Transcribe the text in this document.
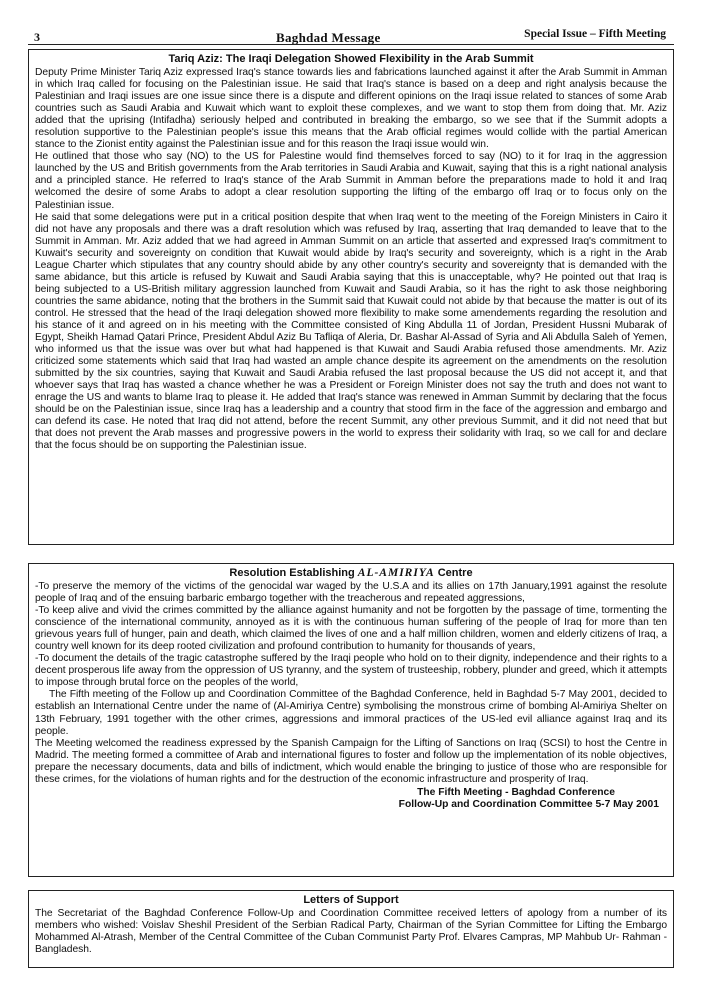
3	Baghdad Message	Special Issue – Fifth Meeting
Tariq Aziz: The Iraqi Delegation Showed Flexibility in the Arab Summit

Deputy Prime Minister Tariq Aziz expressed Iraq's stance towards lies and fabrications launched against it after the Arab Summit in Amman in which Iraq called for focusing on the Palestinian issue. He said that Iraq's stance is based on a deep and right analysis because the Palestinian and Iraqi issues are one issue since there is a dispute and different opinions on the Iraqi issue related to stances of some Arab countries such as Saudi Arabia and Kuwait which want to exploit these complexes, and we want to stop them from doing that. Mr. Aziz added that the uprising (Intifadha) seriously helped and contributed in breaking the embargo, so we see that if the Summit adopts a resolution supportive to the Palestinian people's issue this means that the Arab official regimes would collide with the partial American stance to the Zionist entity against the Palestinian issue and for this reason the Iraqi issue would win.

He outlined that those who say (NO) to the US for Palestine would find themselves forced to say (NO) to it for Iraq in the aggression launched by the US and British governments from the Arab territories in Saudi Arabia and Kuwait, saying that this is a right national analysis and a principled stance. He referred to Iraq's stance of the Arab Summit in Amman before the preparations made to hold it and Iraq welcomed the desire of some Arabs to adopt a clear resolution supporting the lifting of the embargo off Iraq or to focus only on the Palestinian issue.

He said that some delegations were put in a critical position despite that when Iraq went to the meeting of the Foreign Ministers in Cairo it did not have any proposals and there was a draft resolution which was refused by Iraq, asserting that Iraq demanded to leave that to the Summit in Amman. Mr. Aziz added that we had agreed in Amman Summit on an article that asserted and expressed Iraq's commitment to Kuwait's security and sovereignty on condition that Kuwait would abide by Iraq's security and sovereignty, which is a right in the Arab League Charter which stipulates that any country should abide by any other country's security and sovereignty that is demanded with the same abidance, but this article is refused by Kuwait and Saudi Arabia saying that this is unacceptable, why? He pointed out that Iraq is being subjected to a US-British military aggression launched from Kuwait and Saudi Arabia, so it has the right to ask those neighboring countries the same abidance, noting that the brothers in the Summit said that Kuwait could not abide by that because the matter is out of its control. He stressed that the head of the Iraqi delegation showed more flexibility to make some amendements regarding the resolution and his stance of it and agreed on in his meeting with the Committee consisted of King Abdulla 11 of Jordan, President Hussni Mubarak of Egypt, Sheikh Hamad Qatari Prince, President Abdul Aziz Bu Tafliqa of Aleria, Dr. Bashar Al-Assad of Syria and Ali Abdulla Saleh of Yemen, who informed us that the issue was over but what had happened is that Kuwait and Saudi Arabia refused those amendments. Mr. Aziz criticized some statements which said that Iraq had wasted an ample chance despite its agreement on the amendments on the resolution submitted by the six countries, saying that Kuwait and Saudi Arabia refused the last proposal because the US did not accept it, and that whoever says that Iraq has wasted a chance whether he was a President or Foreign Minister does not say the truth and does not want to enrage the US and wants to blame Iraq to please it. He added that Iraq's stance was renewed in Amman Summit by declaring that the focus should be on the Palestinian issue, since Iraq has a leadership and a country that stood firm in the face of the aggression and embargo and can defend its case. He noted that Iraq did not attend, before the recent Summit, any other previous Summit, and it did not need that but that does not prevent the Arab masses and progressive powers in the world to express their solidarity with Iraq, so we call for and declare that the focus should be on supporting the Palestinian issue.

Resolution Establishing AL-AMIRIYA Centre

-To preserve the memory of the victims of the genocidal war waged by the U.S.A and its allies on 17th January,1991 against the resolute people of Iraq and of the ensuing barbaric embargo together with the treacherous and repeated aggressions,

-To keep alive and vivid the crimes committed by the alliance against humanity and not be forgotten by the passage of time, tormenting the conscience of the international community, annoyed as it is with the continuous human suffering of the people of Iraq for more than ten grievous years full of hunger, pain and death, which claimed the lives of one and a half million children, women and elderly citizens of Iraq, a country well known for its deep rooted civilization and profound contribution to humanity for thousands of years,

-To document the details of the tragic catastrophe suffered by the Iraqi people who hold on to their dignity, independence and their rights to a decent prosperous life away from the oppression of US tyranny, and the system of trusteeship, robbery, plunder and greed, which it attempts to impose through brutal force on the peoples of the world,

The Fifth meeting of the Follow up and Coordination Committee of the Baghdad Conference, held in Baghdad 5-7 May 2001, decided to establish an International Centre under the name of (Al-Amiriya Centre) symbolising the monstrous crime of bombing Al-Amiriya Shelter on 13th February, 1991 together with the other crimes, aggressions and immoral practices of the US-led evil alliance against Iraq and its people.

The Meeting welcomed the readiness expressed by the Spanish Campaign for the Lifting of Sanctions on Iraq (SCSI) to host the Centre in Madrid. The meeting formed a committee of Arab and international figures to foster and follow up the implementation of its noble objectives, prepare the necessary documents, data and bills of indictment, which would enable the bringing to justice of those who are responsible for these crimes, for the violations of human rights and for the destruction of the economic infrastructure and prosperity of Iraq.

The Fifth Meeting - Baghdad Conference
Follow-Up and Coordination Committee 5-7 May 2001
Letters of Support

The Secretariat of the Baghdad Conference Follow-Up and Coordination Committee received letters of apology from a number of its members who wished: Voislav Sheshil President of the Serbian Radical Party, Chairman of the Syrian Committee for Lifting the Embargo Mohammed Al-Atrash, Member of the Central Committee of the Cuban Communist Party Prof. Elvares Campras, MP Mahbub Ur- Rahman - Bangladesh.
